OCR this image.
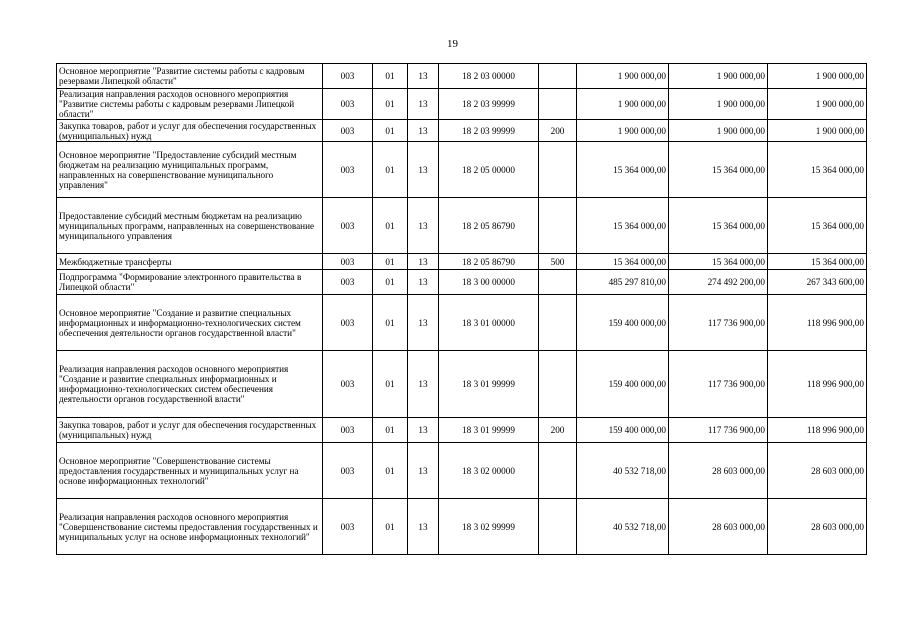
19
Основное мероприятие "Развитие системы работы с кадровым резервами Липецкой области"	003	01	13	18 2 03 00000		1 900 000,00	1 900 000,00	1 900 000,00
Реализация направления расходов основного мероприятия "Развитие системы работы с кадровым резервами Липецкой области"	003	01	13	18 2 03 99999		1 900 000,00	1 900 000,00	1 900 000,00
Закупка товаров, работ и услуг для обеспечения государственных (муниципальных) нужд	003	01	13	18 2 03 99999	200	1 900 000,00	1 900 000,00	1 900 000,00
Основное мероприятие "Предоставление субсидий местным бюджетам на реализацию муниципальных программ, направленных на совершенствование муниципального управления"	003	01	13	18 2 05 00000		15 364 000,00	15 364 000,00	15 364 000,00
Предоставление субсидий местным бюджетам на реализацию муниципальных программ, направленных на совершенствование муниципального управления	003	01	13	18 2 05 86790		15 364 000,00	15 364 000,00	15 364 000,00
Межбюджетные трансферты	003	01	13	18 2 05 86790	500	15 364 000,00	15 364 000,00	15 364 000,00
Подпрограмма "Формирование электронного правительства в Липецкой области"	003	01	13	18 3 00 00000		485 297 810,00	274 492 200,00	267 343 600,00
Основное мероприятие "Создание и развитие специальных информационных и информационно-технологических систем обеспечения деятельности органов государственной власти"	003	01	13	18 3 01 00000		159 400 000,00	117 736 900,00	118 996 900,00
Реализация направления расходов основного мероприятия "Создание и развитие специальных информационных и информационно-технологических систем обеспечения деятельности органов государственной власти"	003	01	13	18 3 01 99999		159 400 000,00	117 736 900,00	118 996 900,00
Закупка товаров, работ и услуг для обеспечения государственных (муниципальных) нужд	003	01	13	18 3 01 99999	200	159 400 000,00	117 736 900,00	118 996 900,00
Основное мероприятие "Совершенствование системы предоставления государственных и муниципальных услуг на основе информационных технологий"	003	01	13	18 3 02 00000		40 532 718,00	28 603 000,00	28 603 000,00
Реализация направления расходов основного мероприятия "Совершенствование системы предоставления государственных и муниципальных услуг на основе информационных технологий"	003	01	13	18 3 02 99999		40 532 718,00	28 603 000,00	28 603 000,00
